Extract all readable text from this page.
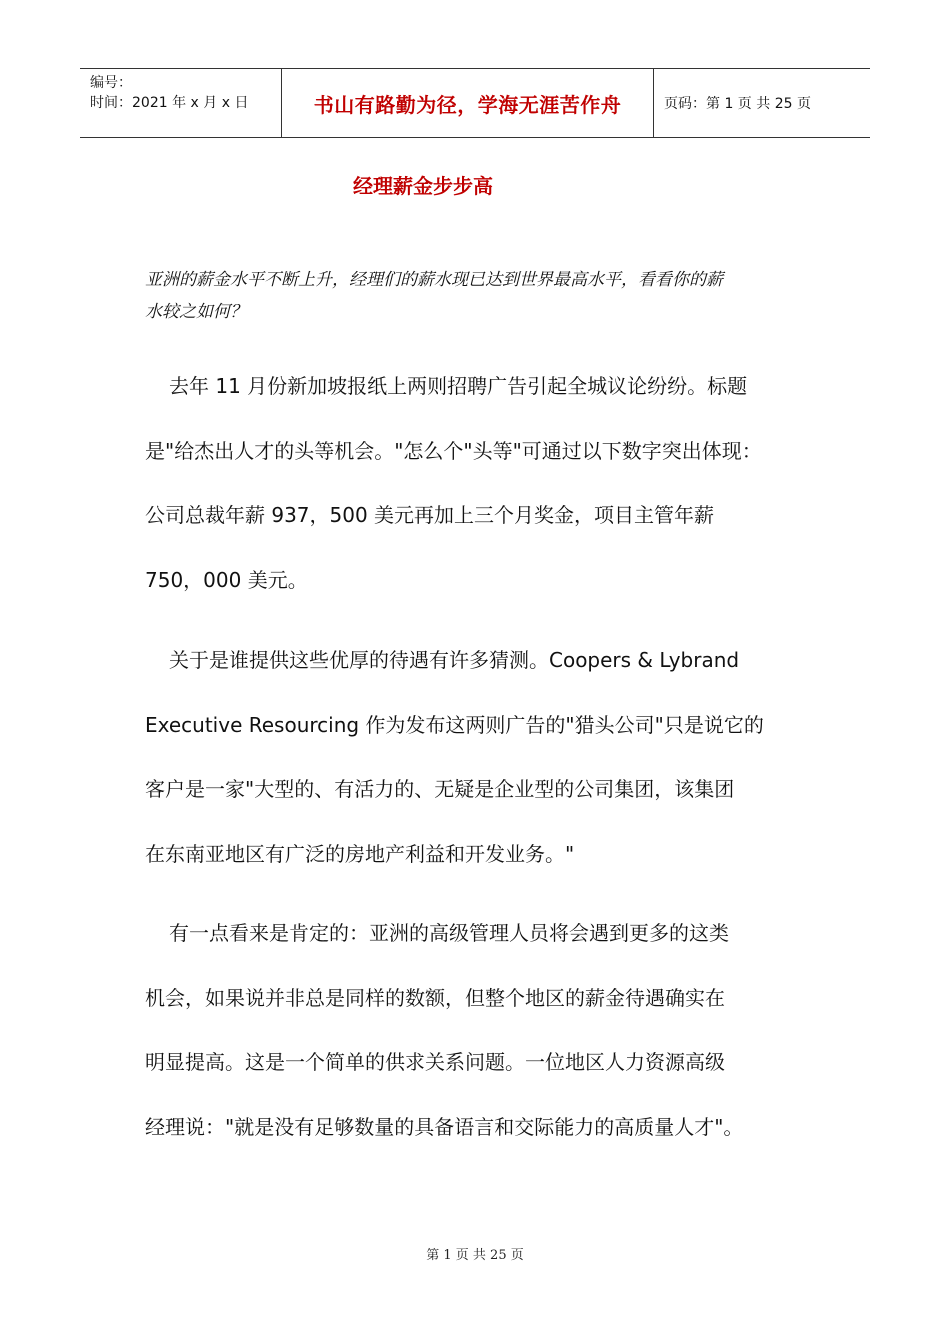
编号：
时间：2021 年 x 月 x 日	书山有路勤为径，学海无涯苦作舟	页码：第 1 页 共 25 页
经理薪金步步高
亚洲的薪金水平不断上升，经理们的薪水现已达到世界最高水平，看看你的薪
水较之如何？

去年 11 月份新加坡报纸上两则招聘广告引起全城议论纷纷。标题

是"给杰出人才的头等机会。"怎么个"头等"可通过以下数字突出体现：

公司总裁年薪 937，500 美元再加上三个月奖金，项目主管年薪

750，000 美元。

关于是谁提供这些优厚的待遇有许多猜测。Coopers & Lybrand

Executive Resourcing 作为发布这两则广告的"猎头公司"只是说它的

客户是一家"大型的、有活力的、无疑是企业型的公司集团，该集团

在东南亚地区有广泛的房地产利益和开发业务。"

有一点看来是肯定的：亚洲的高级管理人员将会遇到更多的这类

机会，如果说并非总是同样的数额，但整个地区的薪金待遇确实在

明显提高。这是一个简单的供求关系问题。一位地区人力资源高级

经理说："就是没有足够数量的具备语言和交际能力的高质量人才"。

第 1 页 共 25 页
